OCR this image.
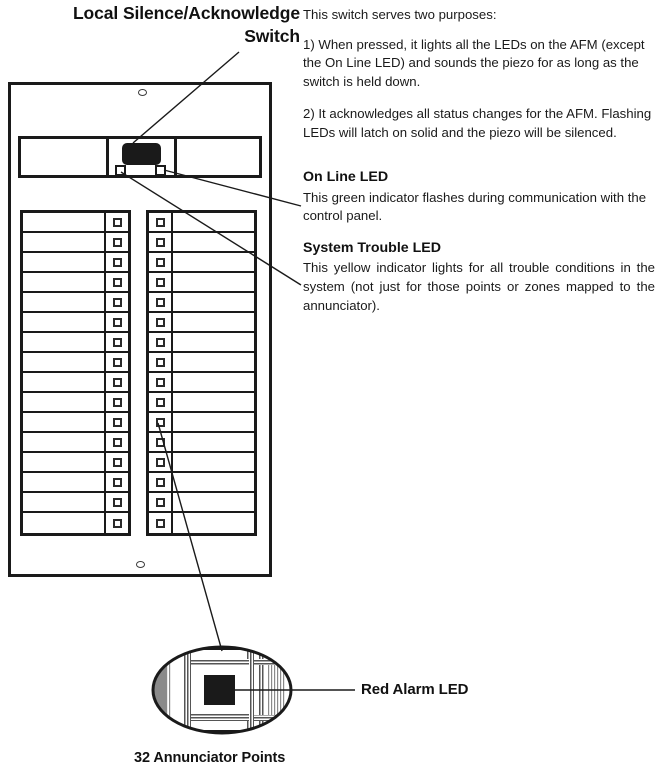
Local Silence/Acknowledge
Switch

This switch serves two purposes:

1) When pressed, it lights all the LEDs on the AFM (except the On Line LED) and sounds the piezo for as long as the switch is held down.

2) It acknowledges all status changes for the AFM. Flashing LEDs will latch on solid and the piezo will be silenced.

On Line LED

This green indicator flashes during communication with the control panel.

System Trouble LED

This yellow indicator lights for all trouble conditions in the system (not just for those points or zones mapped to the annunciator).

Red Alarm LED
32 Annunciator Points
